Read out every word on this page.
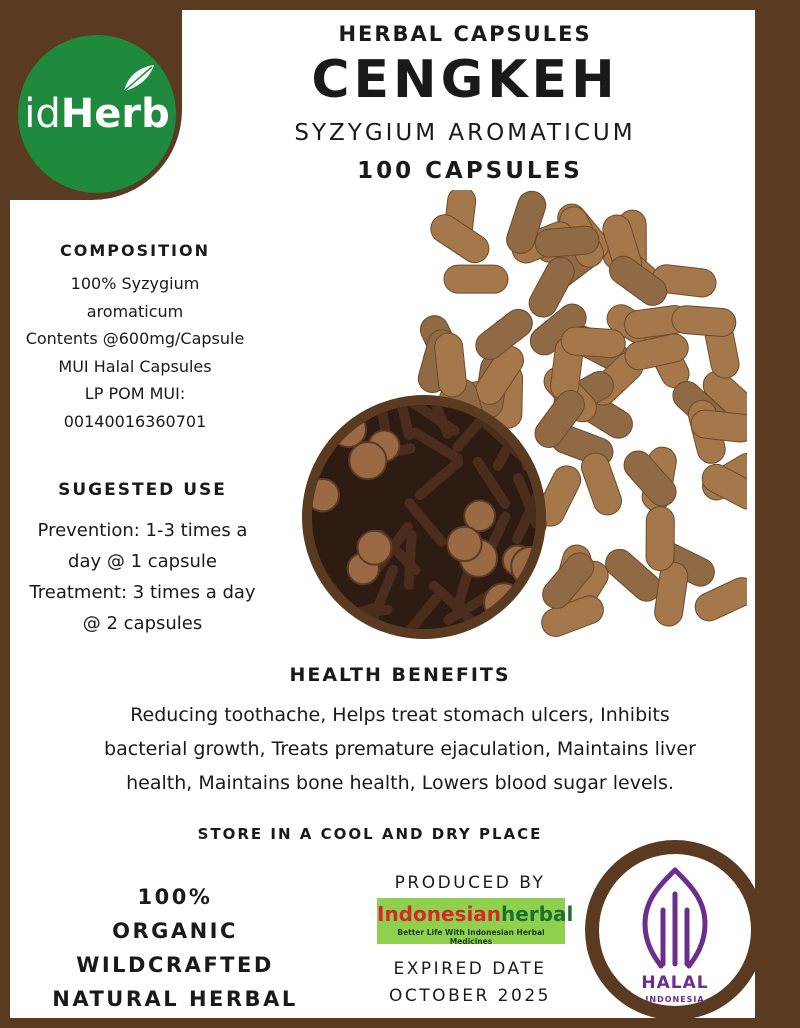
id Herb
HERBAL CAPSULES
CENGKEH
SYZYGIUM AROMATICUM
100 CAPSULES
COMPOSITION
100% Syzygium
aromaticum
Contents @600mg/Capsule
MUI Halal Capsules
LP POM MUI:
00140016360701
SUGESTED USE
Prevention: 1-3 times a
day @ 1 capsule
Treatment: 3 times a day
@ 2 capsules
HEALTH BENEFITS
Reducing toothache, Helps treat stomach ulcers, Inhibits
bacterial growth, Treats premature ejaculation, Maintains liver
health, Maintains bone health, Lowers blood sugar levels.
STORE IN A COOL AND DRY PLACE
100%
ORGANIC
WILDCRAFTED
NATURAL HERBAL
PRODUCED BY
Indonesianherbal
Better Life With Indonesian Herbal Medicines
EXPIRED DATE
OCTOBER 2025
HALAL
INDONESIA
